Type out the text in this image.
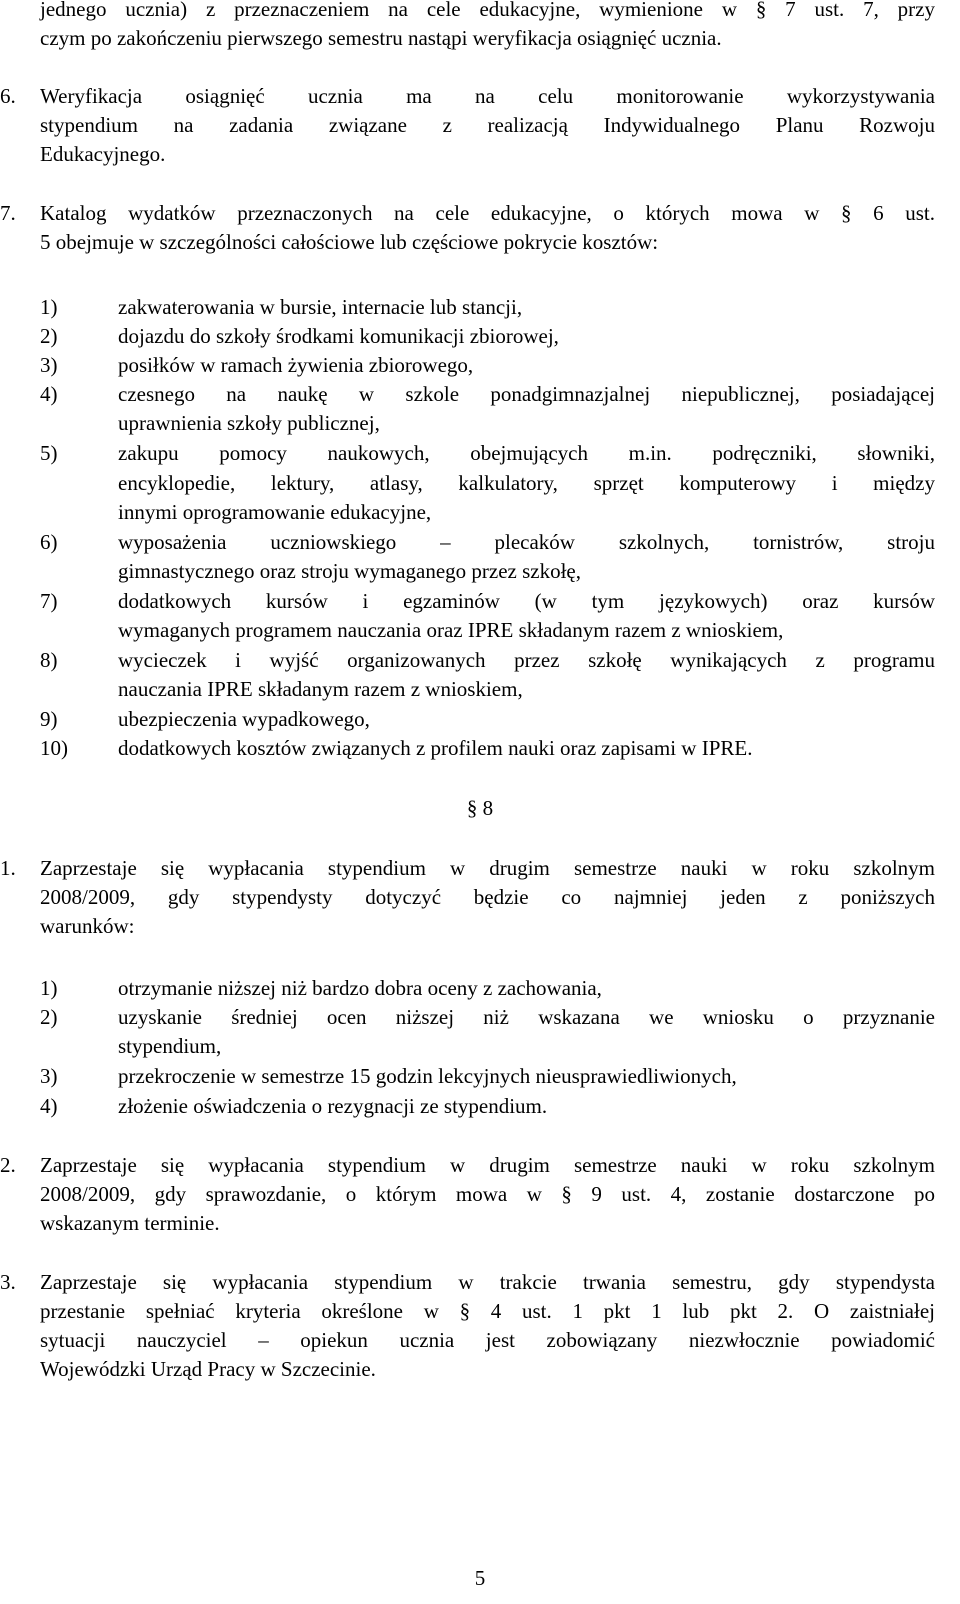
jednego ucznia) z przeznaczeniem na cele edukacyjne, wymienione w § 7 ust. 7, przy
czym po zakończeniu pierwszego semestru nastąpi weryfikacja osiągnięć ucznia.
6.	Weryfikacja osiągnięć ucznia ma na celu monitorowanie wykorzystywania
stypendium na zadania związane z realizacją Indywidualnego Planu Rozwoju
Edukacyjnego.
7.	Katalog wydatków przeznaczonych na cele edukacyjne, o których mowa w § 6 ust.
5 obejmuje w szczególności całościowe lub częściowe pokrycie kosztów:
1)	zakwaterowania w bursie, internacie lub stancji,
2)	dojazdu do szkoły środkami komunikacji zbiorowej,
3)	posiłków w ramach żywienia zbiorowego,
4)	czesnego na naukę w szkole ponadgimnazjalnej niepublicznej, posiadającej
uprawnienia szkoły publicznej,
5)	zakupu pomocy naukowych, obejmujących m.in. podręczniki, słowniki,
encyklopedie, lektury, atlasy, kalkulatory, sprzęt komputerowy i między
innymi oprogramowanie edukacyjne,
6)	wyposażenia uczniowskiego – plecaków szkolnych, tornistrów, stroju
gimnastycznego oraz stroju wymaganego przez szkołę,
7)	dodatkowych kursów i egzaminów (w tym językowych) oraz kursów
wymaganych programem nauczania oraz IPRE składanym razem z wnioskiem,
8)	wycieczek i wyjść organizowanych przez szkołę wynikających z programu
nauczania IPRE składanym razem z wnioskiem,
9)	ubezpieczenia wypadkowego,
10)	dodatkowych kosztów związanych z profilem nauki oraz zapisami w IPRE.
§ 8
1.	Zaprzestaje się wypłacania stypendium w drugim semestrze nauki w roku szkolnym
2008/2009, gdy stypendysty dotyczyć będzie co najmniej jeden z poniższych
warunków:
1)	otrzymanie niższej niż bardzo dobra oceny z zachowania,
2)	uzyskanie średniej ocen niższej niż wskazana we wniosku o przyznanie
stypendium,
3)	przekroczenie w semestrze 15 godzin lekcyjnych nieusprawiedliwionych,
4)	złożenie oświadczenia o rezygnacji ze stypendium.
2.	Zaprzestaje się wypłacania stypendium w drugim semestrze nauki w roku szkolnym
2008/2009, gdy sprawozdanie, o którym mowa w § 9 ust. 4, zostanie dostarczone po
wskazanym terminie.
3.	Zaprzestaje się wypłacania stypendium w trakcie trwania semestru, gdy stypendysta
przestanie spełniać kryteria określone w § 4 ust. 1 pkt 1 lub pkt 2. O zaistniałej
sytuacji nauczyciel – opiekun ucznia jest zobowiązany niezwłocznie powiadomić
Wojewódzki Urząd Pracy w Szczecinie.
5
